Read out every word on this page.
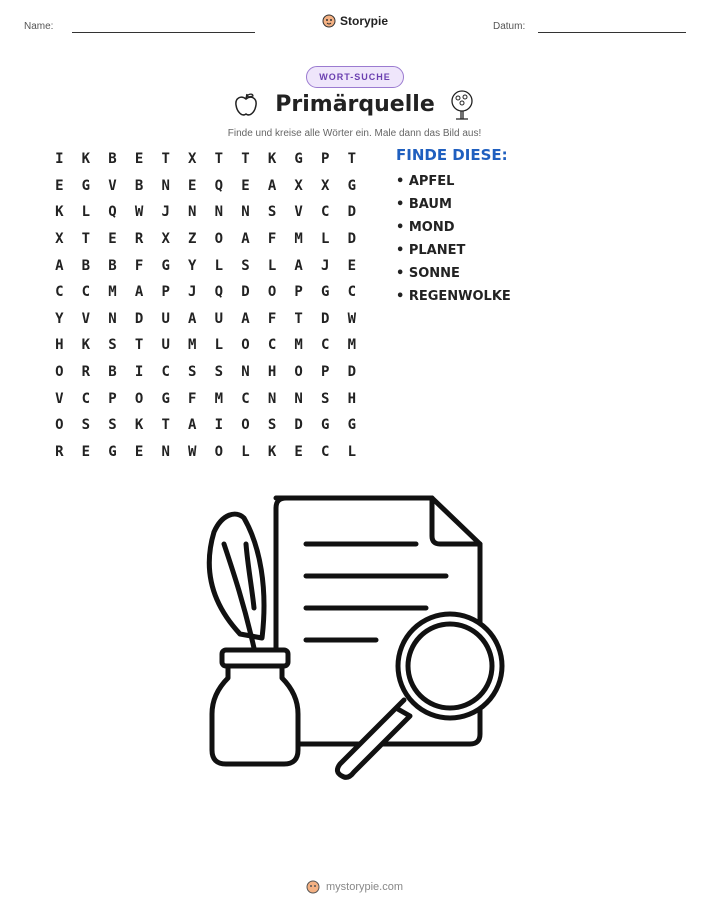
Name:	Storypie	Datum:
WORT-SUCHE
Primärquelle
Finde und kreise alle Wörter ein. Male dann das Bild aus!
I	K	B	E	T	X	T	T	K	G	P	T
E	G	V	B	N	E	Q	E	A	X	X	G
K	L	Q	W	J	N	N	N	S	V	C	D
X	T	E	R	X	Z	O	A	F	M	L	D
A	B	B	F	G	Y	L	S	L	A	J	E
C	C	M	A	P	J	Q	D	O	P	G	C
Y	V	N	D	U	A	U	A	F	T	D	W
H	K	S	T	U	M	L	O	C	M	C	M
O	R	B	I	C	S	S	N	H	O	P	D
V	C	P	O	G	F	M	C	N	N	S	H
O	S	S	K	T	A	I	O	S	D	G	G
R	E	G	E	N	W	O	L	K	E	C	L
FINDE DIESE:
• APFEL
• BAUM
• MOND
• PLANET
• SONNE
• REGENWOLKE
mystorypie.com
